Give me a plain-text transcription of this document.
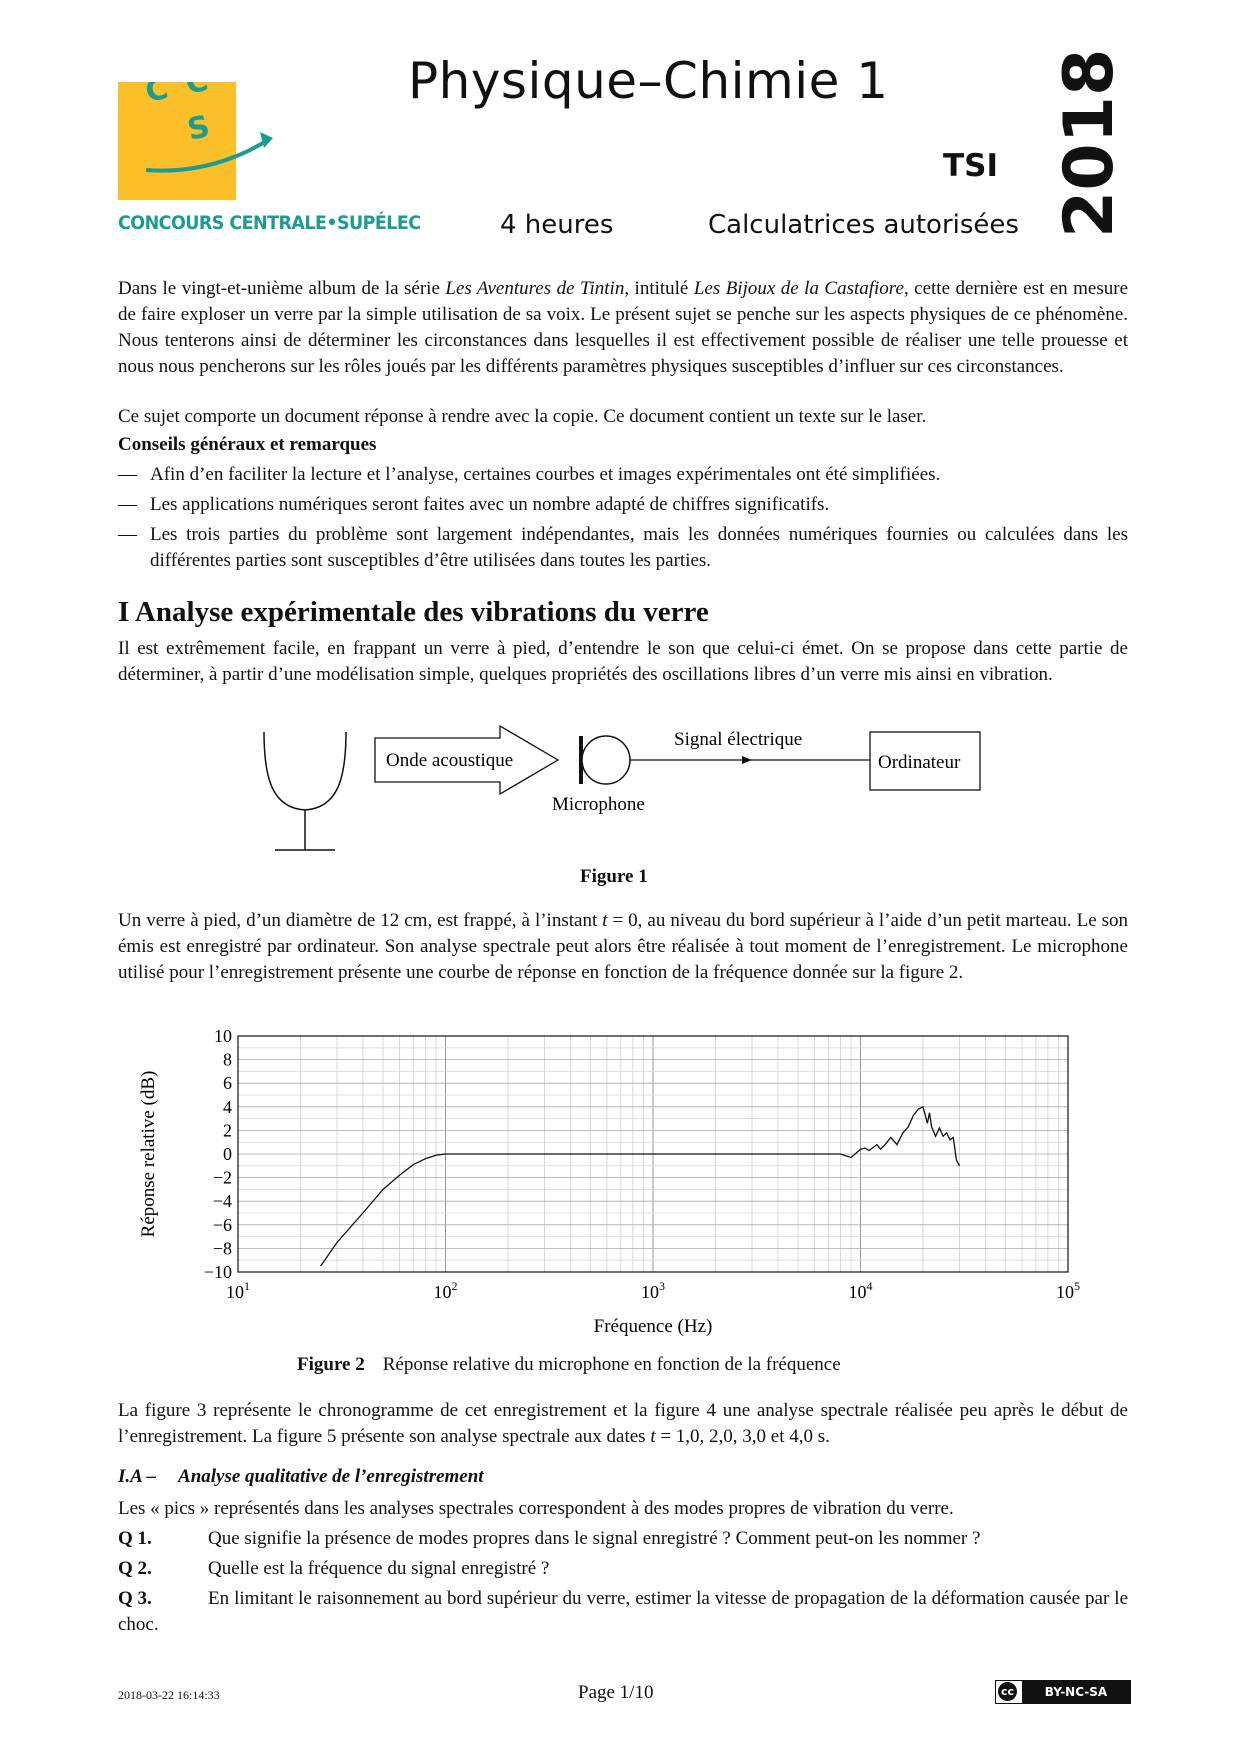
C C
S
CONCOURS CENTRALE•SUPÉLEC
Physique–Chimie 1
TSI
4 heures	Calculatrices autorisées 2018
Dans le vingt-et-unième album de la série Les Aventures de Tintin, intitulé Les Bijoux de la Castafiore, cette dernière est en mesure de faire exploser un verre par la simple utilisation de sa voix. Le présent sujet se penche sur les aspects physiques de ce phénomène. Nous tenterons ainsi de déterminer les circonstances dans lesquelles il est effectivement possible de réaliser une telle prouesse et nous nous pencherons sur les rôles joués par les différents paramètres physiques susceptibles d’influer sur ces circonstances.
Ce sujet comporte un document réponse à rendre avec la copie. Ce document contient un texte sur le laser.
Conseils généraux et remarques
— Afin d’en faciliter la lecture et l’analyse, certaines courbes et images expérimentales ont été simplifiées.
— Les applications numériques seront faites avec un nombre adapté de chiffres significatifs.
— Les trois parties du problème sont largement indépendantes, mais les données numériques fournies ou calculées dans les différentes parties sont susceptibles d’être utilisées dans toutes les parties.
I Analyse expérimentale des vibrations du verre
Il est extrêmement facile, en frappant un verre à pied, d’entendre le son que celui-ci émet. On se propose dans cette partie de déterminer, à partir d’une modélisation simple, quelques propriétés des oscillations libres d’un verre mis ainsi en vibration.
Onde acoustique
Microphone
Signal électrique
Ordinateur
Figure 1
Un verre à pied, d’un diamètre de 12 cm, est frappé, à l’instant t = 0, au niveau du bord supérieur à l’aide d’un petit marteau. Le son émis est enregistré par ordinateur. Son analyse spectrale peut alors être réalisée à tout moment de l’enregistrement. Le microphone utilisé pour l’enregistrement présente une courbe de réponse en fonction de la fréquence donnée sur la figure 2.
10
8
6
4
2
0
−2
−4
−6
−8
−10
$10^1$	$10^2$	$10^3$	$10^4$	$10^5$
Fréquence (Hz)
Réponse relative (dB)
Figure 2 Réponse relative du microphone en fonction de la fréquence
La figure 3 représente le chronogramme de cet enregistrement et la figure 4 une analyse spectrale réalisée peu après le début de l’enregistrement. La figure 5 présente son analyse spectrale aux dates t = 1,0, 2,0, 3,0 et 4,0 s.
I.A – Analyse qualitative de l’enregistrement
Les « pics » représentés dans les analyses spectrales correspondent à des modes propres de vibration du verre.
Q 1.	Que signifie la présence de modes propres dans le signal enregistré ? Comment peut-on les nommer ?
Q 2.	Quelle est la fréquence du signal enregistré ?
Q 3.	En limitant le raisonnement au bord supérieur du verre, estimer la vitesse de propagation de la déformation causée par le choc.
2018-03-22 16:14:33	Page 1/10	cc	BY-NC-SA
